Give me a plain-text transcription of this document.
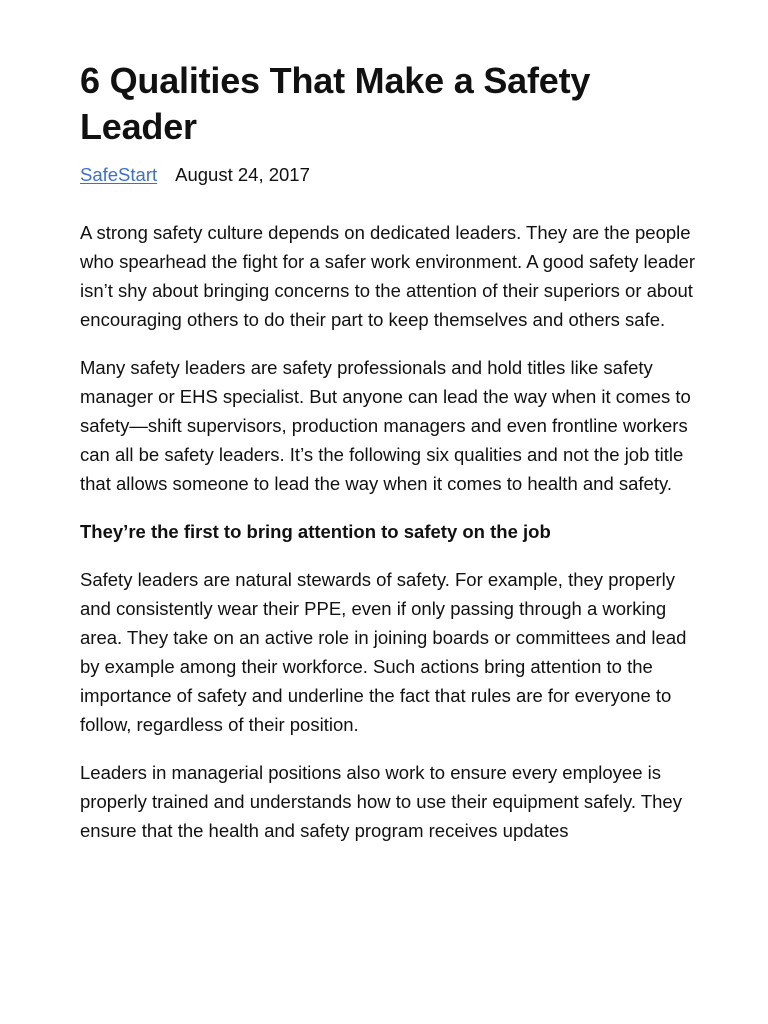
6 Qualities That Make a Safety Leader
SafeStart August 24, 2017

A strong safety culture depends on dedicated leaders. They are the people who spearhead the fight for a safer work environment. A good safety leader isn’t shy about bringing concerns to the attention of their superiors or about encouraging others to do their part to keep themselves and others safe.

Many safety leaders are safety professionals and hold titles like safety manager or EHS specialist. But anyone can lead the way when it comes to safety—shift supervisors, production managers and even frontline workers can all be safety leaders. It’s the following six qualities and not the job title that allows someone to lead the way when it comes to health and safety.

They’re the first to bring attention to safety on the job

Safety leaders are natural stewards of safety. For example, they properly and consistently wear their PPE, even if only passing through a working area. They take on an active role in joining boards or committees and lead by example among their workforce. Such actions bring attention to the importance of safety and underline the fact that rules are for everyone to follow, regardless of their position.

Leaders in managerial positions also work to ensure every employee is properly trained and understands how to use their equipment safely. They ensure that the health and safety program receives updates
